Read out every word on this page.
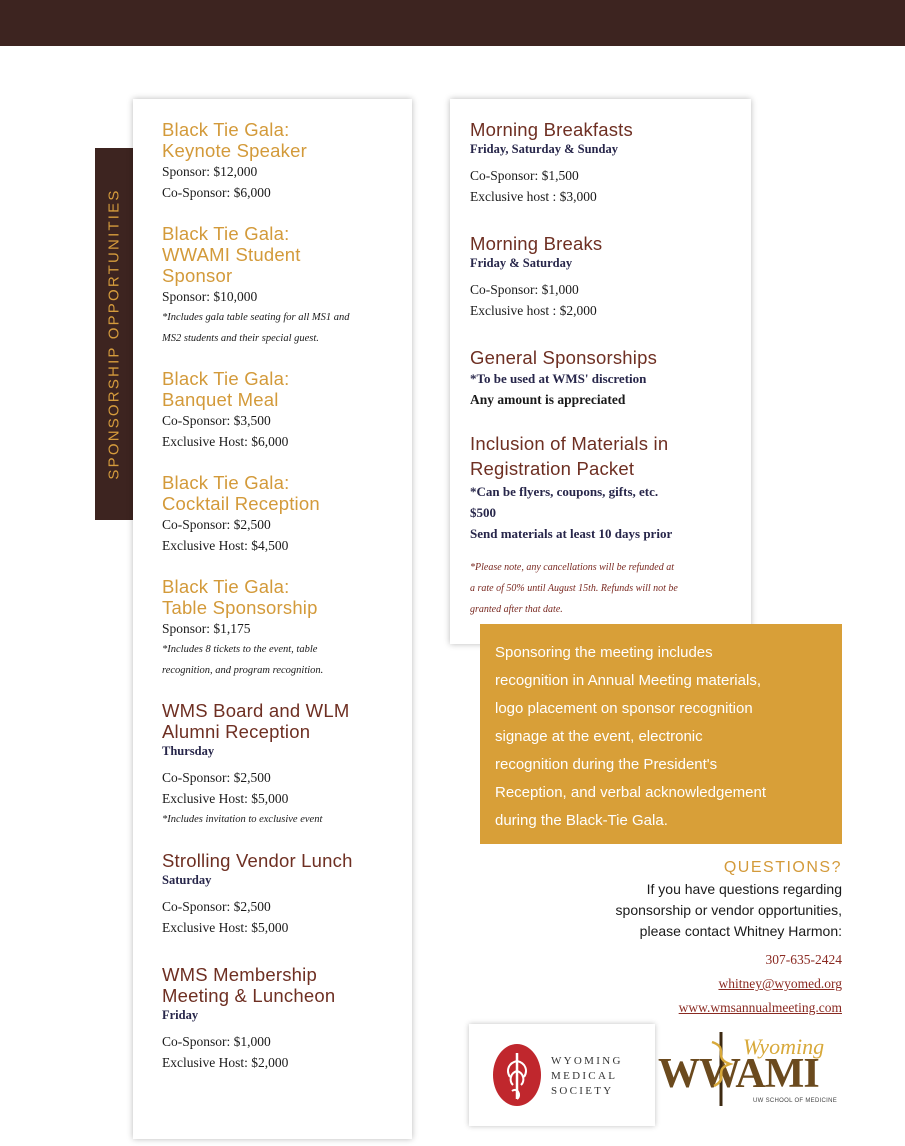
SPONSORSHIP OPPORTUNITIES
Black Tie Gala:
Keynote Speaker
Sponsor: $12,000
Co-Sponsor: $6,000
Black Tie Gala:
WWAMI Student
Sponsor
Sponsor: $10,000
*Includes gala table seating for all MS1 and
MS2 students and their special guest.
Black Tie Gala:
Banquet Meal
Co-Sponsor: $3,500
Exclusive Host: $6,000
Black Tie Gala:
Cocktail Reception
Co-Sponsor: $2,500
Exclusive Host: $4,500
Black Tie Gala:
Table Sponsorship
Sponsor: $1,175
*Includes 8 tickets to the event, table
recognition, and program recognition.
WMS Board and WLM
Alumni Reception
Thursday
Co-Sponsor: $2,500
Exclusive Host: $5,000
*Includes invitation to exclusive event
Strolling Vendor Lunch
Saturday
Co-Sponsor: $2,500
Exclusive Host: $5,000
WMS Membership
Meeting & Luncheon
Friday
Co-Sponsor: $1,000
Exclusive Host: $2,000
Morning Breakfasts
Friday, Saturday & Sunday
Co-Sponsor: $1,500
Exclusive host : $3,000
Morning Breaks
Friday & Saturday
Co-Sponsor: $1,000
Exclusive host : $2,000
General Sponsorships
*To be used at WMS' discretion
Any amount is appreciated
Inclusion of Materials in
Registration Packet
*Can be flyers, coupons, gifts, etc.
$500
Send materials at least 10 days prior
*Please note, any cancellations will be refunded at
a rate of 50% until August 15th. Refunds will not be
granted after that date.
Sponsoring the meeting includes
recognition in Annual Meeting materials,
logo placement on sponsor recognition
signage at the event, electronic
recognition during the President's
Reception, and verbal acknowledgement
during the Black-Tie Gala.
QUESTIONS?
If you have questions regarding
sponsorship or vendor opportunities,
please contact Whitney Harmon:
307-635-2424
whitney@wyomed.org
www.wmsannualmeeting.com
WYOMING
MEDICAL
SOCIETY
Wyoming
WWAMI
UW SCHOOL OF MEDICINE
